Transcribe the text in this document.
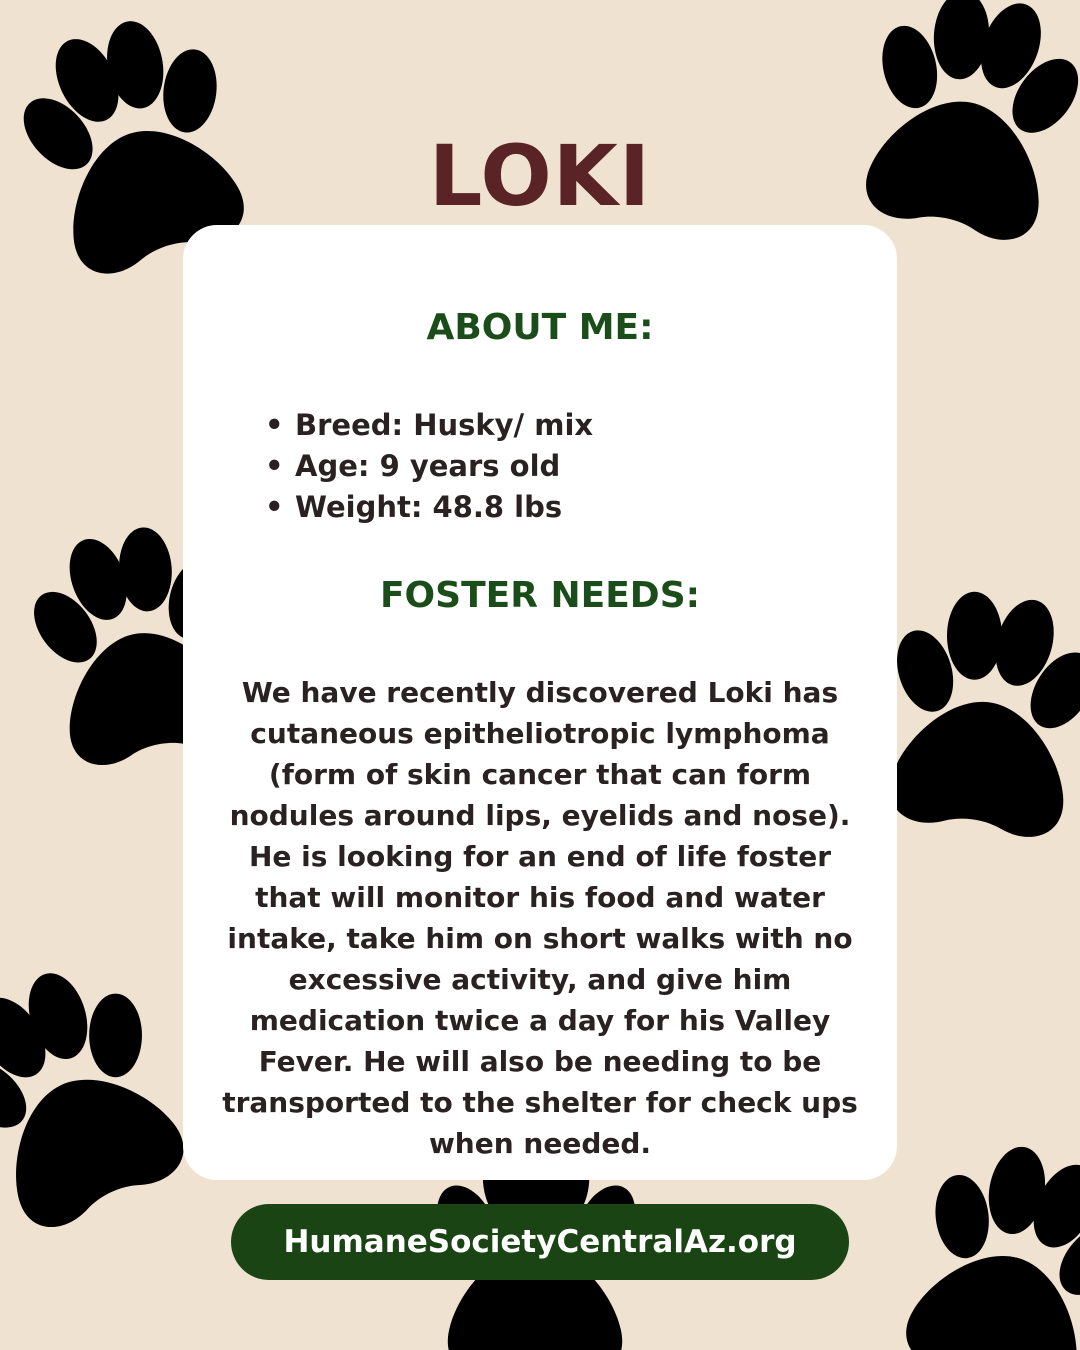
LOKI
ABOUT ME:
• Breed: Husky/ mix
• Age: 9 years old
• Weight: 48.8 lbs
FOSTER NEEDS:
We have recently discovered Loki has
cutaneous epitheliotropic lymphoma
(form of skin cancer that can form
nodules around lips, eyelids and nose).
He is looking for an end of life foster
that will monitor his food and water
intake, take him on short walks with no
excessive activity, and give him
medication twice a day for his Valley
Fever. He will also be needing to be
transported to the shelter for check ups
when needed.
HumaneSocietyCentralAz.org
